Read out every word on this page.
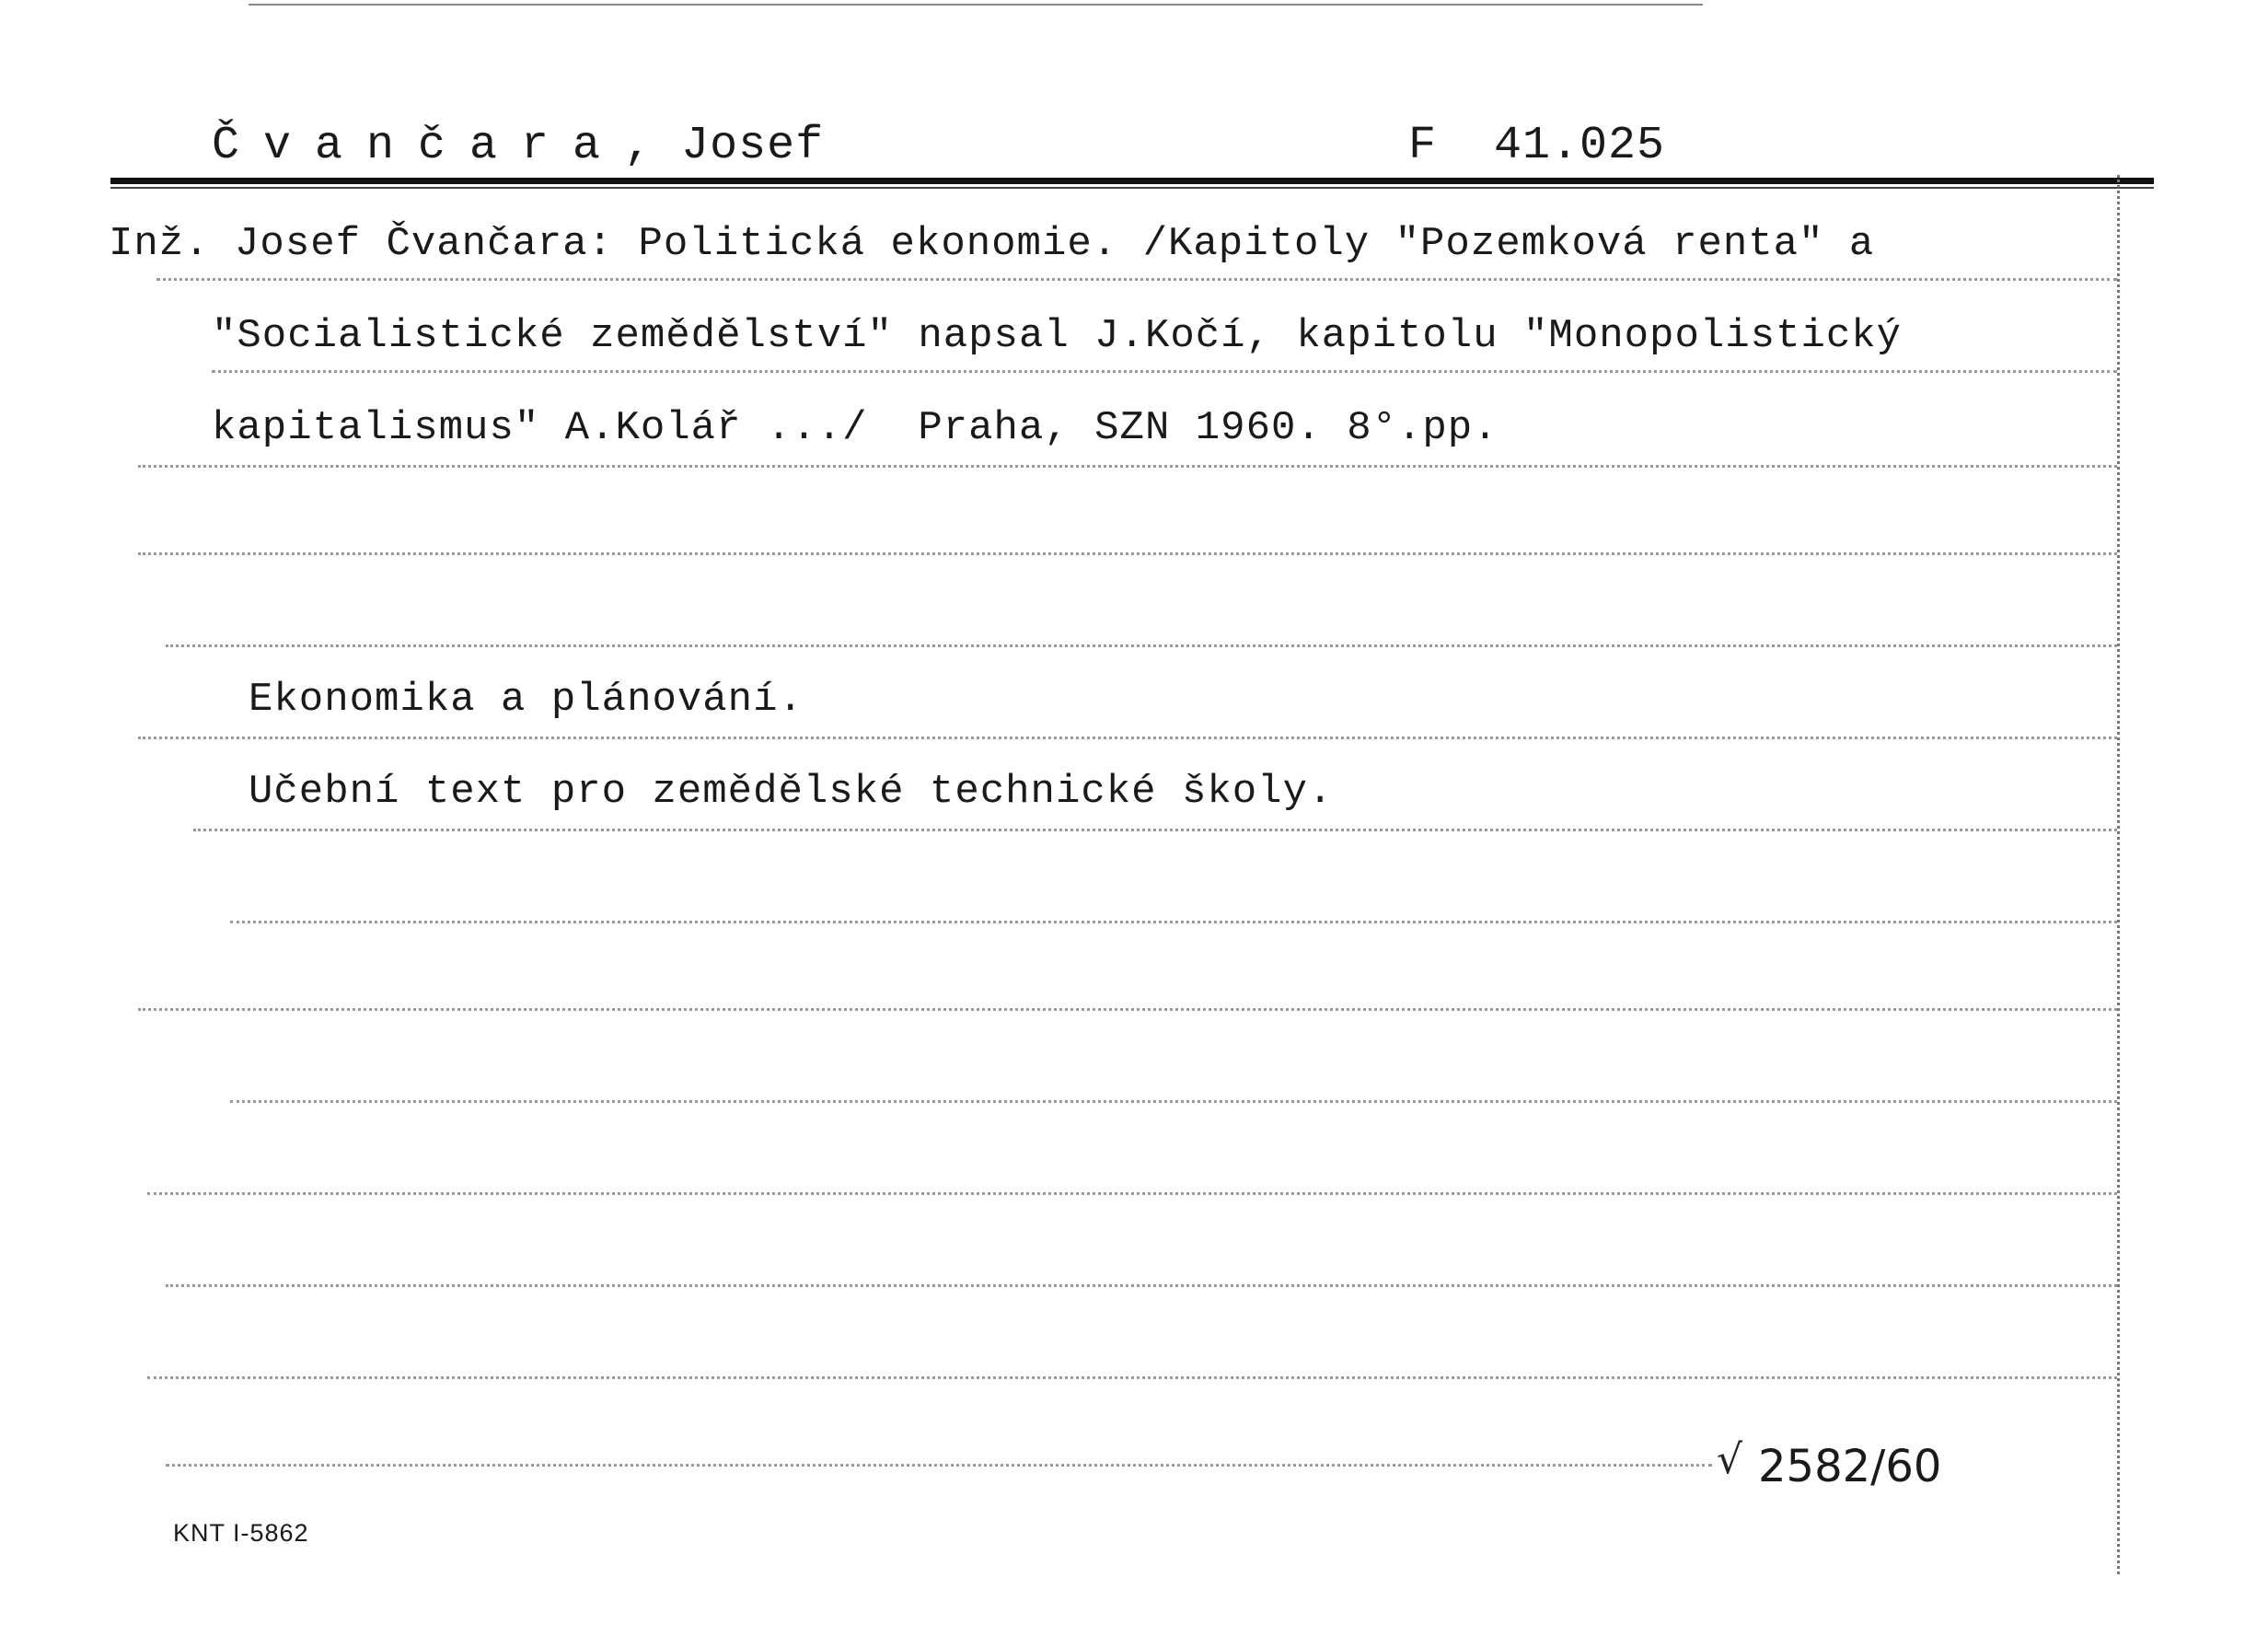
Čvančara, Josef	F  41.025
Inž. Josef Čvančara: Politická ekonomie. /Kapitoly "Pozemková renta" a
"Socialistické zemědělství" napsal J.Kočí, kapitolu "Monopolistický
kapitalismus" A.Kolář .../  Praha, SZN 1960. 8°.pp.
Ekonomika a plánování.
Učební text pro zemědělské technické školy.
√ 2582/60
KNT I-5862
